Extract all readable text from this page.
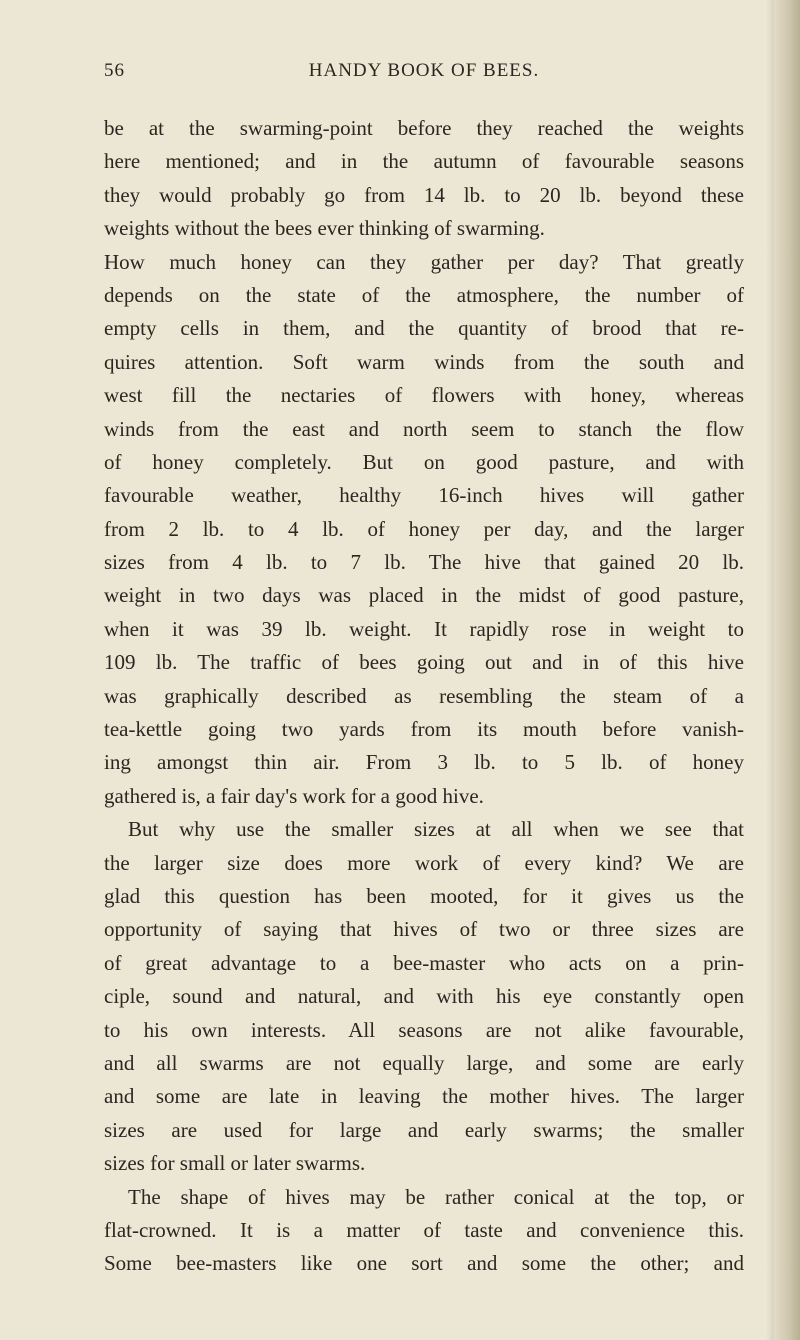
56	HANDY BOOK OF BEES.
be at the swarming-point before they reached the weights
here mentioned; and in the autumn of favourable seasons
they would probably go from 14 lb. to 20 lb. beyond these
weights without the bees ever thinking of swarming.
How much honey can they gather per day? That greatly
depends on the state of the atmosphere, the number of
empty cells in them, and the quantity of brood that re-
quires attention. Soft warm winds from the south and
west fill the nectaries of flowers with honey, whereas
winds from the east and north seem to stanch the flow
of honey completely. But on good pasture, and with
favourable weather, healthy 16-inch hives will gather
from 2 lb. to 4 lb. of honey per day, and the larger
sizes from 4 lb. to 7 lb. The hive that gained 20 lb.
weight in two days was placed in the midst of good pasture,
when it was 39 lb. weight. It rapidly rose in weight to
109 lb. The traffic of bees going out and in of this hive
was graphically described as resembling the steam of a
tea-kettle going two yards from its mouth before vanish-
ing amongst thin air. From 3 lb. to 5 lb. of honey
gathered is, a fair day's work for a good hive.
But why use the smaller sizes at all when we see that
the larger size does more work of every kind? We are
glad this question has been mooted, for it gives us the
opportunity of saying that hives of two or three sizes are
of great advantage to a bee-master who acts on a prin-
ciple, sound and natural, and with his eye constantly open
to his own interests. All seasons are not alike favourable,
and all swarms are not equally large, and some are early
and some are late in leaving the mother hives. The larger
sizes are used for large and early swarms; the smaller
sizes for small or later swarms.
The shape of hives may be rather conical at the top, or
flat-crowned. It is a matter of taste and convenience this.
Some bee-masters like one sort and some the other; and
